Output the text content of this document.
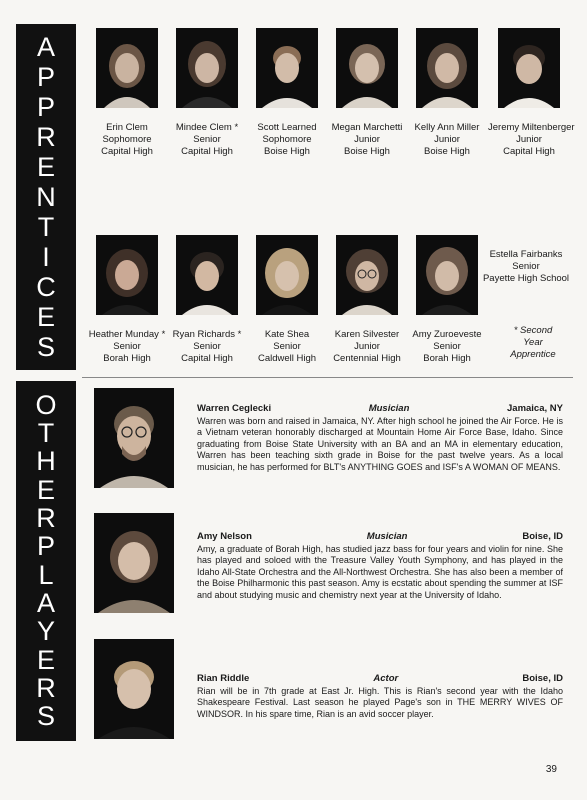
A
P
P
R
E
N
T
I
C
E
S
O
T
H
E
R
P
L
A
Y
E
R
S
Erin Clem
Sophomore
Capital High
Mindee Clem *
Senior
Capital High
Scott Learned
Sophomore
Boise High
Megan Marchetti
Junior
Boise High
Kelly Ann Miller
Junior
Boise High
Jeremy Miltenberger
Junior
Capital High
Heather Munday *
Senior
Borah High
Ryan Richards *
Senior
Capital High
Kate Shea
Senior
Caldwell High
Karen Silvester
Junior
Centennial High
Amy Zuroeveste
Senior
Borah High
Estella Fairbanks
Senior
Payette High School
* Second
Year
Apprentice
Warren Ceglecki	Musician	Jamaica, NY

Warren was born and raised in Jamaica, NY. After high school he joined the Air Force. He is a Vietnam veteran honorably discharged at Mountain Home Air Force Base, Idaho. Since graduating from Boise State University with an BA and an MA in elementary education, Warren has been teaching sixth grade in Boise for the past twelve years. As a local musician, he has performed for BLT's ANYTHING GOES and ISF's A WOMAN OF MEANS.

Amy Nelson	Musician	Boise, ID

Amy, a graduate of Borah High, has studied jazz bass for four years and violin for nine. She has played and soloed with the Treasure Valley Youth Symphony, and has played in the Idaho All-State Orchestra and the All-Northwest Orchestra. She has also been a member of the Boise Philharmonic this past season. Amy is ecstatic about spending the summer at ISF and about studying music and chemistry next year at the University of Idaho.

Rian Riddle	Actor	Boise, ID

Rian will be in 7th grade at East Jr. High. This is Rian's second year with the Idaho Shakespeare Festival. Last season he played Page's son in THE MERRY WIVES OF WINDSOR. In his spare time, Rian is an avid soccer player.

39
